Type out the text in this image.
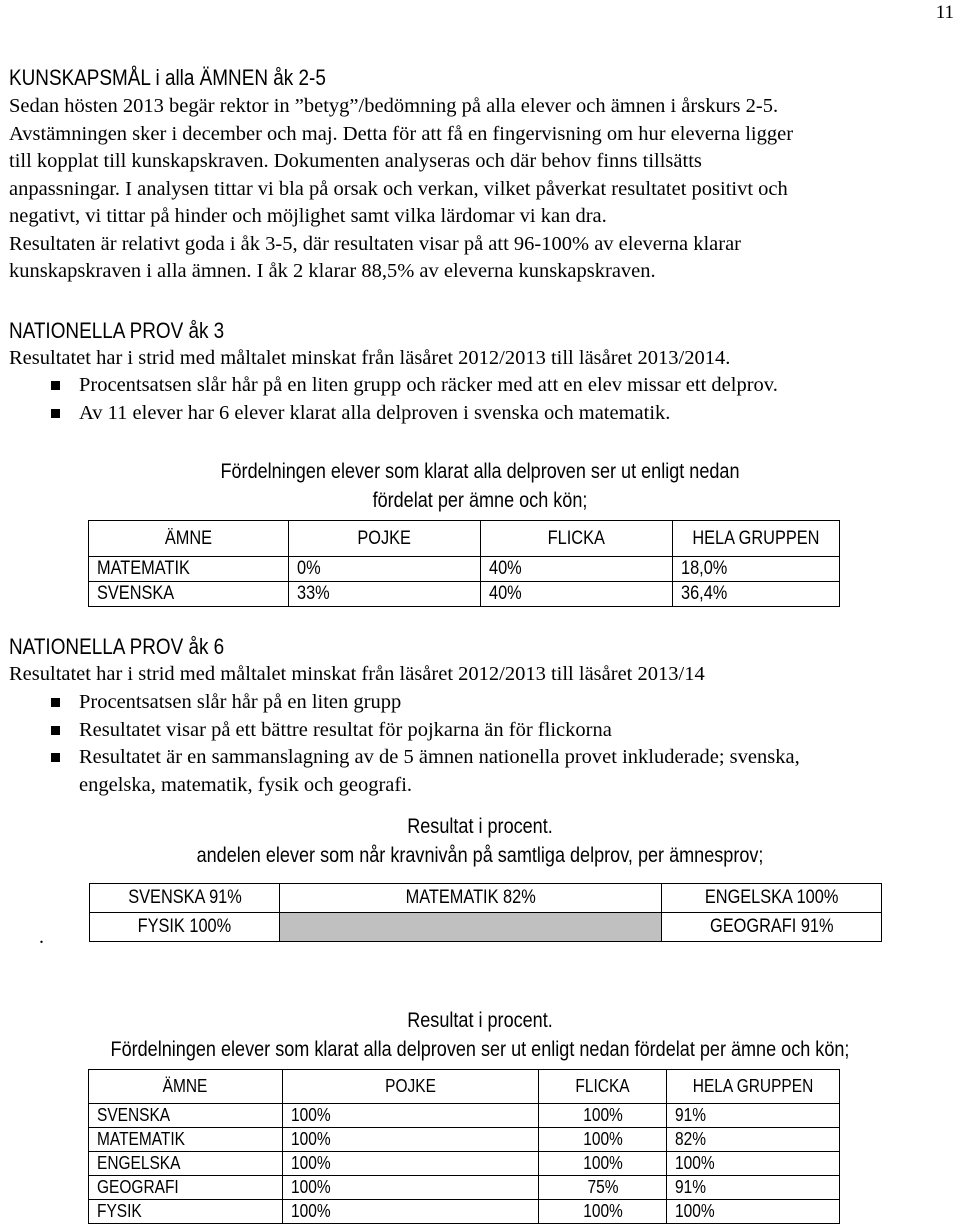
11
KUNSKAPSMÅL i alla ÄMNEN åk 2-5
Sedan hösten 2013 begär rektor in ”betyg”/bedömning på alla elever och ämnen i årskurs 2-5.
Avstämningen sker i december och maj. Detta för att få en fingervisning om hur eleverna ligger
till kopplat till kunskapskraven. Dokumenten analyseras och där behov finns tillsätts
anpassningar. I analysen tittar vi bla på orsak och verkan, vilket påverkat resultatet positivt och
negativt, vi tittar på hinder och möjlighet samt vilka lärdomar vi kan dra.
Resultaten är relativt goda i åk 3-5, där resultaten visar på att 96-100% av eleverna klarar
kunskapskraven i alla ämnen. I åk 2 klarar 88,5% av eleverna kunskapskraven.
NATIONELLA PROV åk 3
Resultatet har i strid med måltalet minskat från läsåret 2012/2013 till läsåret 2013/2014.
Procentsatsen slår hår på en liten grupp och räcker med att en elev missar ett delprov.
Av 11 elever har 6 elever klarat alla delproven i svenska och matematik.
Fördelningen elever som klarat alla delproven ser ut enligt nedan
fördelat per ämne och kön;
ÄMNE	POJKE	FLICKA	HELA GRUPPEN
MATEMATIK	0%	40%	18,0%
SVENSKA	33%	40%	36,4%
NATIONELLA PROV åk 6
Resultatet har i strid med måltalet minskat från läsåret 2012/2013 till läsåret 2013/14
Procentsatsen slår hår på en liten grupp
Resultatet visar på ett bättre resultat för pojkarna än för flickorna
Resultatet är en sammanslagning av de 5 ämnen nationella provet inkluderade; svenska,
engelska, matematik, fysik och geografi.
Resultat i procent.
andelen elever som når kravnivån på samtliga delprov, per ämnesprov;
.
SVENSKA 91%	MATEMATIK 82%	ENGELSKA 100%
FYSIK 100%		GEOGRAFI 91%
Resultat i procent.
Fördelningen elever som klarat alla delproven ser ut enligt nedan fördelat per ämne och kön;
ÄMNE	POJKE	FLICKA	HELA GRUPPEN
SVENSKA	100%	100%	91%
MATEMATIK	100%	100%	82%
ENGELSKA	100%	100%	100%
GEOGRAFI	100%	75%	91%
FYSIK	100%	100%	100%
